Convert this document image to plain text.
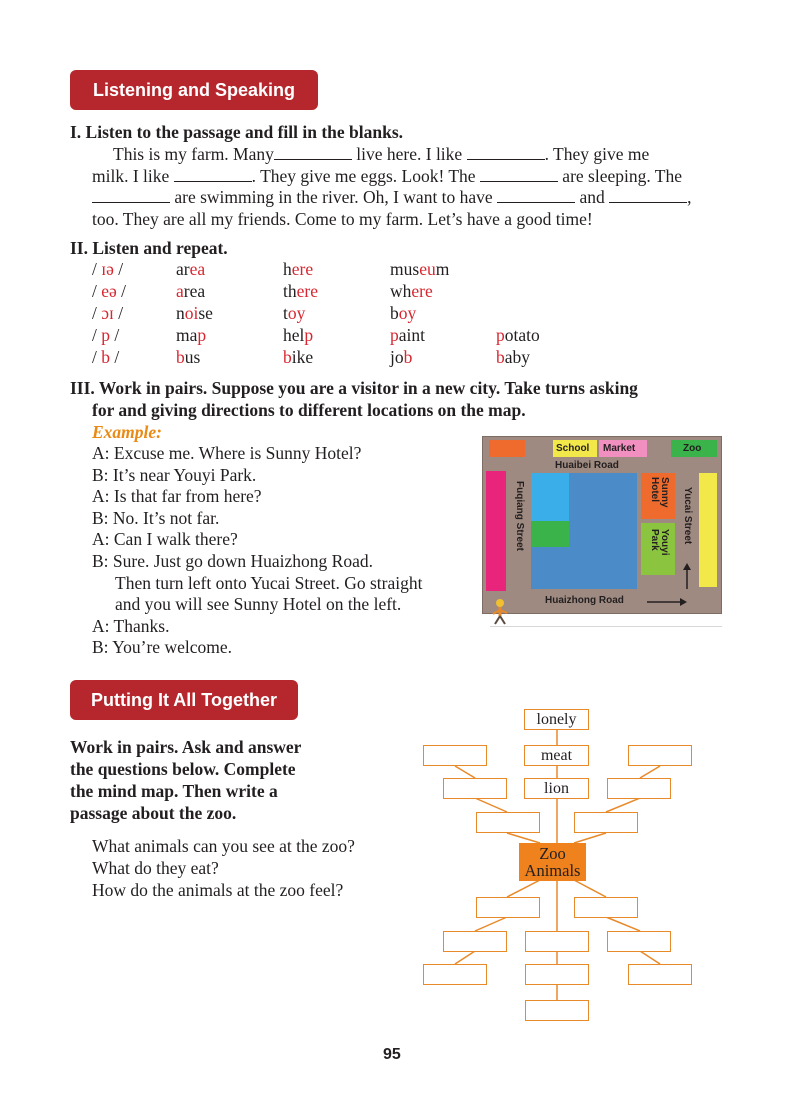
Listening and Speaking
I. Listen to the passage and fill in the blanks.
This is my farm. Many	live here. I like	. They give me
milk. I like	. They give me eggs. Look! The	are sleeping. The
are swimming in the river. Oh, I want to have	and	,
too. They are all my friends. Come to my farm. Let’s have a good time!
II. Listen and repeat.
/ ɪə /	area	here	museum
/ eə /	area	there	where
/ ɔɪ /	noise	toy	boy
/ p /	map	help	paint	potato
/ b /	bus	bike	job	baby
III. Work in pairs. Suppose you are a visitor in a new city. Take turns asking
for and giving directions to different locations on the map.
Example:
A: Excuse me. Where is Sunny Hotel?
B: It’s near Youyi Park.
A: Is that far from here?
B: No. It’s not far.
A: Can I walk there?
B: Sure. Just go down Huaizhong Road.
Then turn left onto Yucai Street. Go straight
and you will see Sunny Hotel on the left.
A: Thanks.
B: You’re welcome.
School Market	Zoo
Huaibei Road
Fuqiang Street	Sunny Hotel
Youyi Park	Yucai Street
Huaizhong Road
Putting It All Together
Work in pairs. Ask and answer
the questions below. Complete
the mind map. Then write a
passage about the zoo.
What animals can you see at the zoo?
What do they eat?
How do the animals at the zoo feel?
lonely
meat
lion
Zoo
Animals
95
